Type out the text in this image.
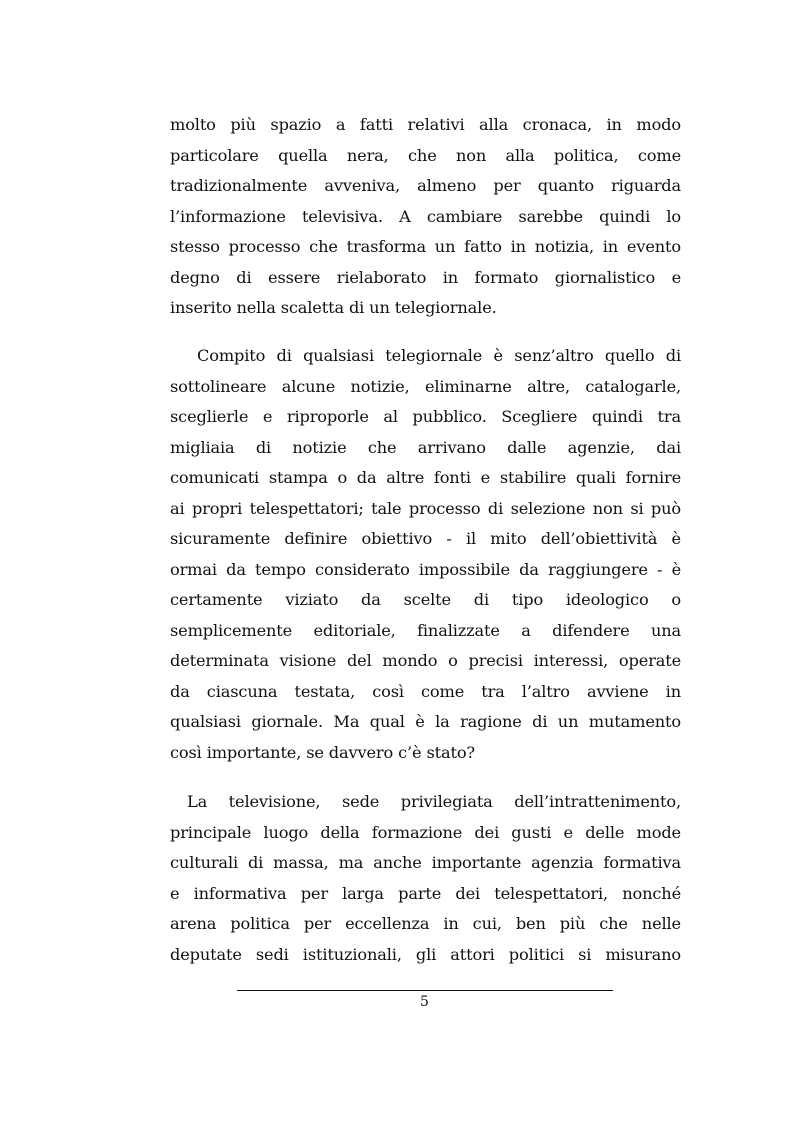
molto più spazio a fatti relativi alla cronaca, in modo
particolare quella nera, che non alla politica, come
tradizionalmente avveniva, almeno per quanto riguarda
l’informazione televisiva. A cambiare sarebbe quindi lo
stesso processo che trasforma un fatto in notizia, in evento
degno di essere rielaborato in formato giornalistico e
inserito nella scaletta di un telegiornale.
Compito di qualsiasi telegiornale è senz’altro quello di
sottolineare alcune notizie, eliminarne altre, catalogarle,
sceglierle e riproporle al pubblico. Scegliere quindi tra
migliaia di notizie che arrivano dalle agenzie, dai
comunicati stampa o da altre fonti e stabilire quali fornire
ai propri telespettatori; tale processo di selezione non si può
sicuramente definire obiettivo - il mito dell’obiettività è
ormai da tempo considerato impossibile da raggiungere - è
certamente viziato da scelte di tipo ideologico o
semplicemente editoriale, finalizzate a difendere una
determinata visione del mondo o precisi interessi, operate
da ciascuna testata, così come tra l’altro avviene in
qualsiasi giornale. Ma qual è la ragione di un mutamento
così importante, se davvero c’è stato?
La televisione, sede privilegiata dell’intrattenimento,
principale luogo della formazione dei gusti e delle mode
culturali di massa, ma anche importante agenzia formativa
e informativa per larga parte dei telespettatori, nonché
arena politica per eccellenza in cui, ben più che nelle
deputate sedi istituzionali, gli attori politici si misurano
5
